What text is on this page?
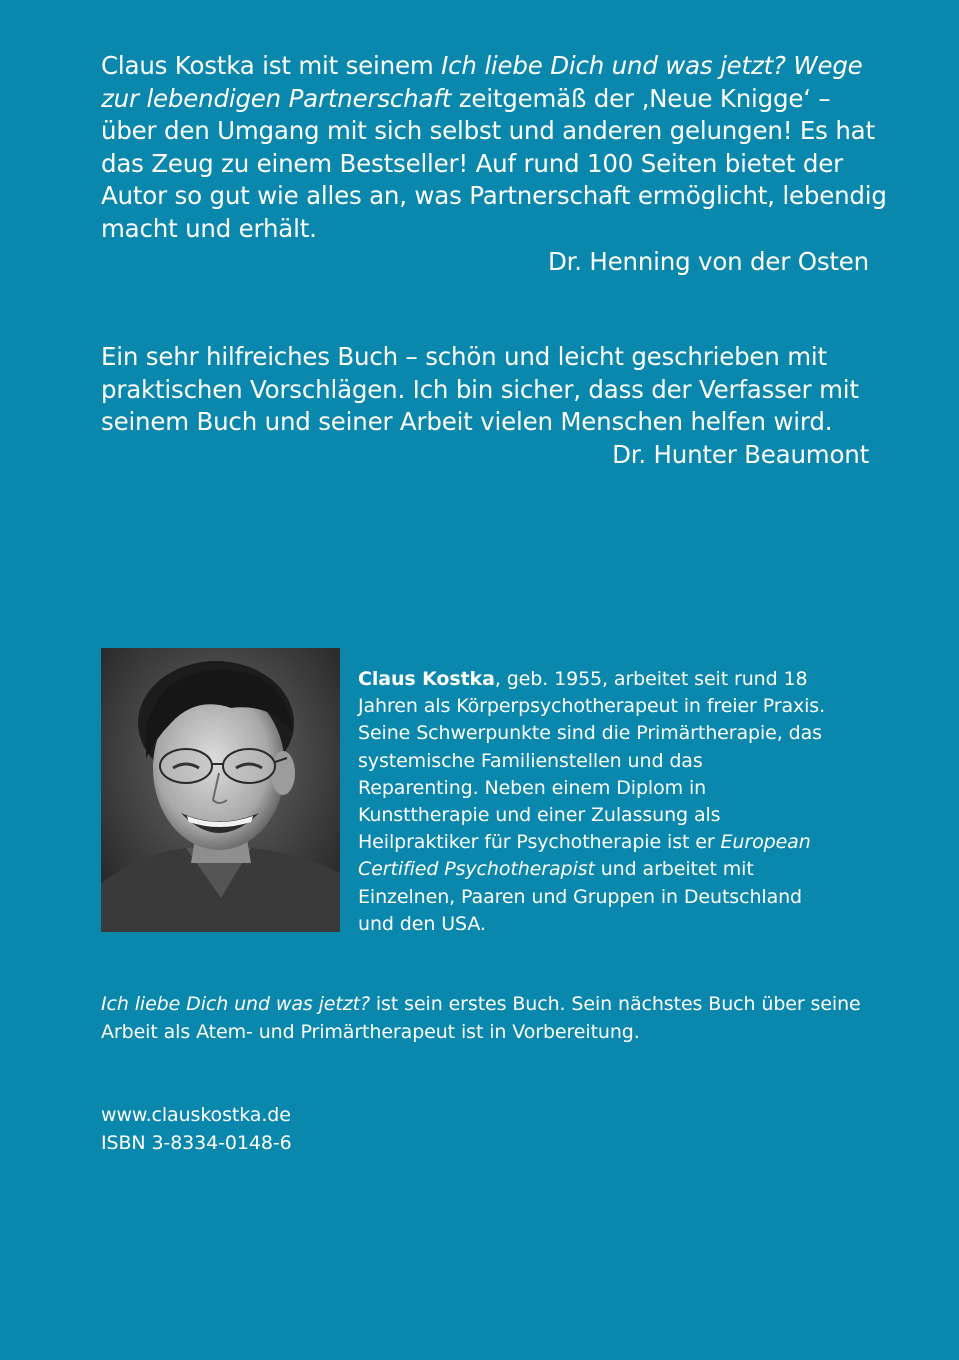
Claus Kostka ist mit seinem Ich liebe Dich und was jetzt? Wege zur lebendigen Partnerschaft zeitgemäß der ‚Neue Knigge‘ – über den Umgang mit sich selbst und anderen gelungen! Es hat das Zeug zu einem Bestseller! Auf rund 100 Seiten bietet der Autor so gut wie alles an, was Partnerschaft ermöglicht, lebendig macht und erhält.

Dr. Henning von der Osten

Ein sehr hilfreiches Buch – schön und leicht geschrieben mit praktischen Vorschlägen. Ich bin sicher, dass der Verfasser mit seinem Buch und seiner Arbeit vielen Menschen helfen wird.

Dr. Hunter Beaumont

Claus Kostka, geb. 1955, arbeitet seit rund 18 Jahren als Körperpsychotherapeut in freier Praxis. Seine Schwerpunkte sind die Primärtherapie, das systemische Familienstellen und das Reparenting. Neben einem Diplom in Kunsttherapie und einer Zulassung als Heilpraktiker für Psychotherapie ist er European Certified Psychotherapist und arbeitet mit Einzelnen, Paaren und Gruppen in Deutschland und den USA.

Ich liebe Dich und was jetzt? ist sein erstes Buch. Sein nächstes Buch über seine Arbeit als Atem- und Primärtherapeut ist in Vorbereitung.

www.clauskostka.de
ISBN 3-8334-0148-6
